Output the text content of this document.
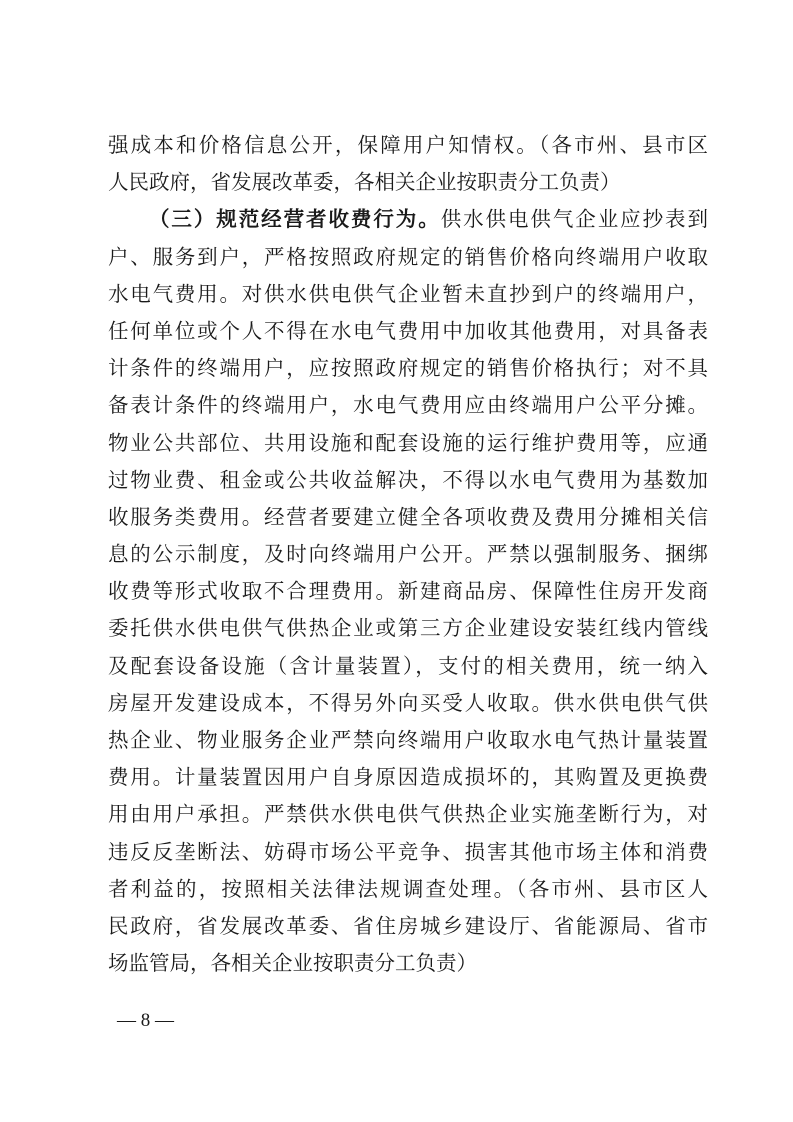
强成本和价格信息公开，保障用户知情权。（各市州、县市区
人民政府，省发展改革委，各相关企业按职责分工负责）
（三）规范经营者收费行为。供水供电供气企业应抄表到
户、服务到户，严格按照政府规定的销售价格向终端用户收取
水电气费用。对供水供电供气企业暂未直抄到户的终端用户，
任何单位或个人不得在水电气费用中加收其他费用，对具备表
计条件的终端用户，应按照政府规定的销售价格执行；对不具
备表计条件的终端用户，水电气费用应由终端用户公平分摊。
物业公共部位、共用设施和配套设施的运行维护费用等，应通
过物业费、租金或公共收益解决，不得以水电气费用为基数加
收服务类费用。经营者要建立健全各项收费及费用分摊相关信
息的公示制度，及时向终端用户公开。严禁以强制服务、捆绑
收费等形式收取不合理费用。新建商品房、保障性住房开发商
委托供水供电供气供热企业或第三方企业建设安装红线内管线
及配套设备设施（含计量装置），支付的相关费用，统一纳入
房屋开发建设成本，不得另外向买受人收取。供水供电供气供
热企业、物业服务企业严禁向终端用户收取水电气热计量装置
费用。计量装置因用户自身原因造成损坏的，其购置及更换费
用由用户承担。严禁供水供电供气供热企业实施垄断行为，对
违反反垄断法、妨碍市场公平竞争、损害其他市场主体和消费
者利益的，按照相关法律法规调查处理。（各市州、县市区人
民政府，省发展改革委、省住房城乡建设厅、省能源局、省市
场监管局，各相关企业按职责分工负责）
— 8 —
